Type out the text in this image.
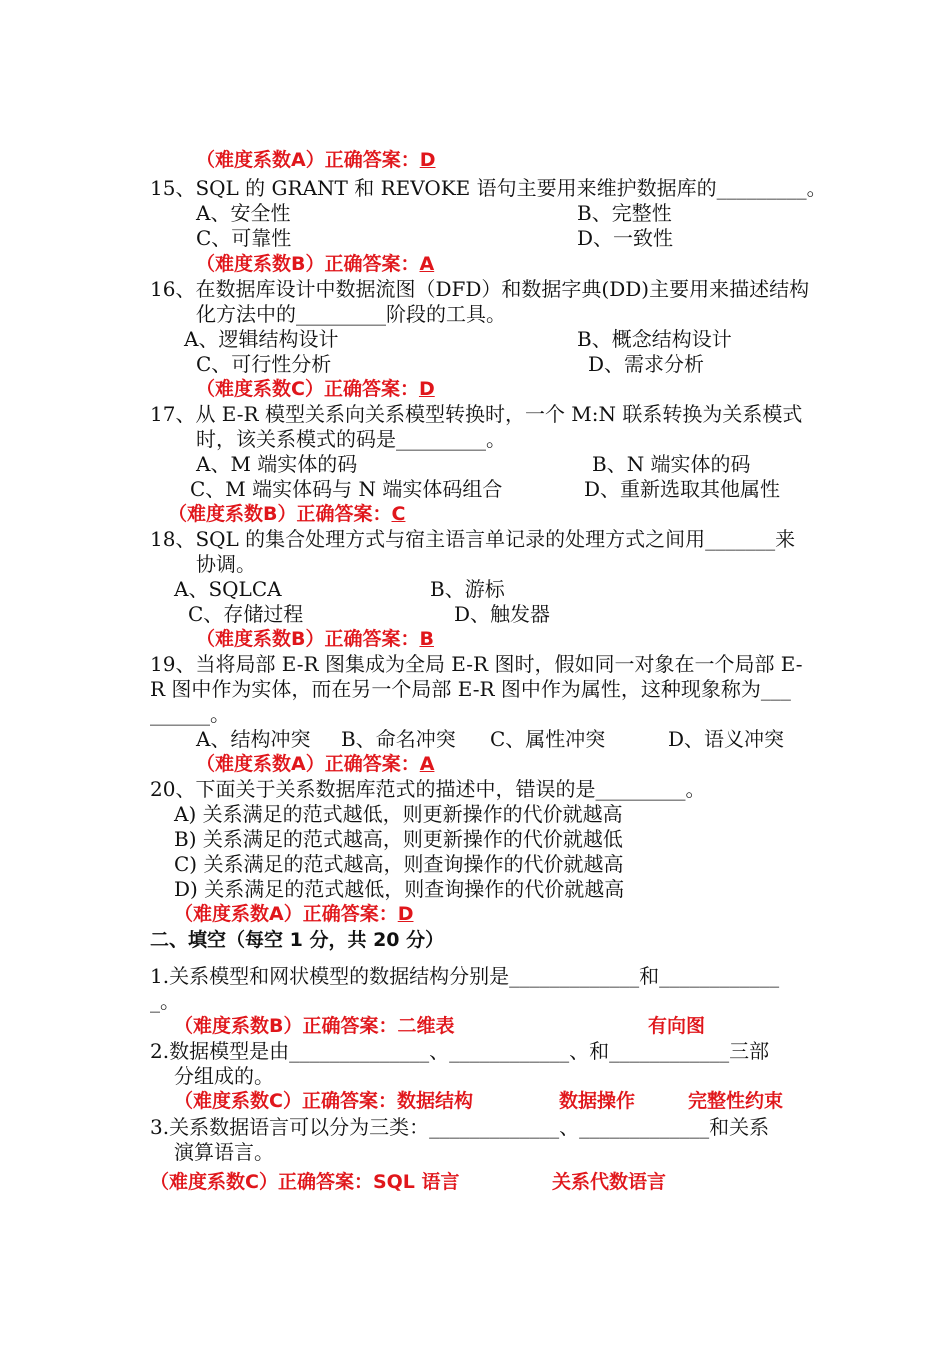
（难度系数A）正确答案：D
15、SQL 的 GRANT 和 REVOKE 语句主要用来维护数据库的_________。
A、安全性	B、完整性
C、可靠性	D、一致性
（难度系数B）正确答案：A
16、在数据库设计中数据流图（DFD）和数据字典(DD)主要用来描述结构
化方法中的_________阶段的工具。
A、逻辑结构设计	B、概念结构设计
C、可行性分析	D、需求分析
（难度系数C）正确答案：D
17、从 E-R 模型关系向关系模型转换时，一个 M:N 联系转换为关系模式
时，该关系模式的码是_________。
A、M 端实体的码	B、N 端实体的码
C、M 端实体码与 N 端实体码组合	D、重新选取其他属性
（难度系数B）正确答案：C
18、SQL 的集合处理方式与宿主语言单记录的处理方式之间用_______来
协调。
A、SQLCA	B、游标
C、存储过程	D、触发器
（难度系数B）正确答案：B
19、当将局部 E-R 图集成为全局 E-R 图时，假如同一对象在一个局部 E-
R 图中作为实体，而在另一个局部 E-R 图中作为属性，这种现象称为___
______。
A、结构冲突 B、命名冲突 C、属性冲突	D、语义冲突
（难度系数A）正确答案：A
20、下面关于关系数据库范式的描述中，错误的是_________。
A) 关系满足的范式越低，则更新操作的代价就越高
B) 关系满足的范式越高，则更新操作的代价就越低
C) 关系满足的范式越高，则查询操作的代价就越高
D) 关系满足的范式越低，则查询操作的代价就越高
（难度系数A）正确答案：D
二、填空（每空 1 分，共 20 分）
1.关系模型和网状模型的数据结构分别是_____________和____________
_。
（难度系数B）正确答案：二维表	有向图
2.数据模型是由______________、____________、和____________三部
分组成的。
（难度系数C）正确答案：数据结构	数据操作	完整性约束
3.关系数据语言可以分为三类：_____________、_____________和关系
演算语言。
（难度系数C）正确答案：SQL 语言	关系代数语言
